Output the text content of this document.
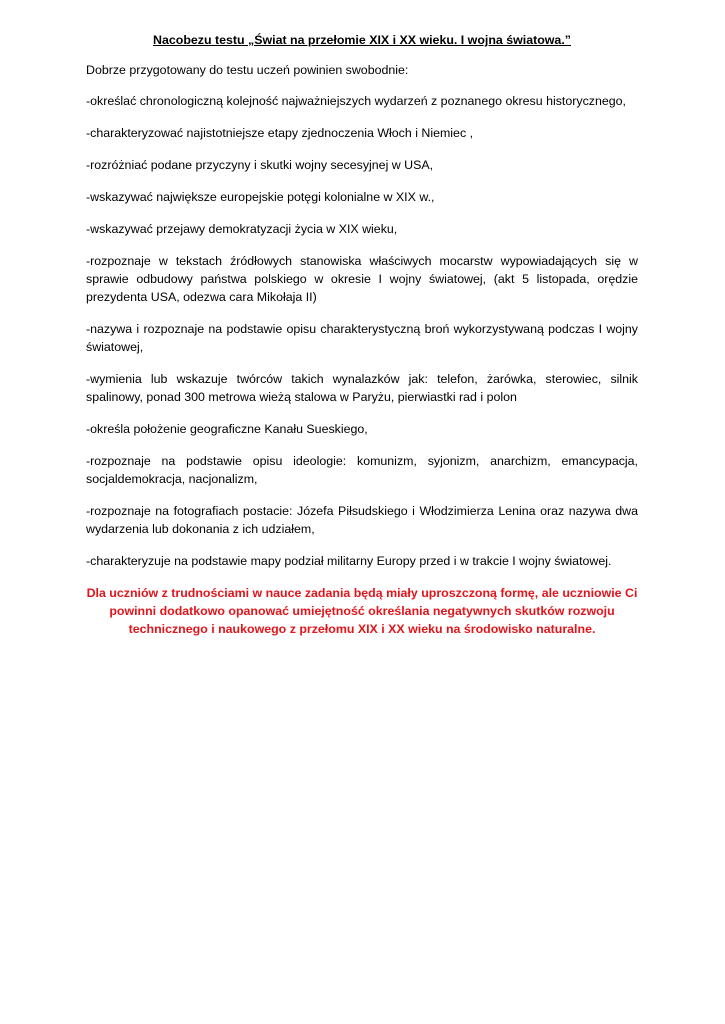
Nacobezu testu „Świat na przełomie XIX i XX wieku. I wojna światowa.”
Dobrze przygotowany do testu uczeń powinien swobodnie:
-określać chronologiczną kolejność najważniejszych wydarzeń z poznanego okresu historycznego,
-charakteryzować najistotniejsze etapy zjednoczenia Włoch i Niemiec ,
-rozróżniać podane przyczyny i skutki wojny secesyjnej w USA,
-wskazywać największe europejskie potęgi kolonialne w XIX w.,
-wskazywać przejawy demokratyzacji życia w XIX wieku,
-rozpoznaje w tekstach źródłowych stanowiska właściwych mocarstw wypowiadających się w sprawie odbudowy państwa polskiego w okresie I wojny światowej, (akt 5 listopada, orędzie prezydenta USA, odezwa cara Mikołaja II)
-nazywa i rozpoznaje na podstawie opisu charakterystyczną broń wykorzystywaną podczas I wojny światowej,
-wymienia lub wskazuje twórców takich wynalazków jak: telefon, żarówka, sterowiec, silnik spalinowy, ponad 300 metrowa wieżą stalowa w Paryżu, pierwiastki rad i polon
-określa położenie geograficzne Kanału Sueskiego,
-rozpoznaje na podstawie opisu ideologie: komunizm, syjonizm, anarchizm, emancypacja, socjaldemokracja, nacjonalizm,
-rozpoznaje na fotografiach postacie: Józefa Piłsudskiego i Włodzimierza Lenina oraz nazywa dwa wydarzenia lub dokonania z ich udziałem,
-charakteryzuje na podstawie mapy podział militarny Europy przed i w trakcie I wojny światowej.
Dla uczniów z trudnościami w nauce zadania będą miały uproszczoną formę, ale uczniowie Ci powinni dodatkowo opanować umiejętność określania negatywnych skutków rozwoju technicznego i naukowego z przełomu XIX i XX wieku na środowisko naturalne.
